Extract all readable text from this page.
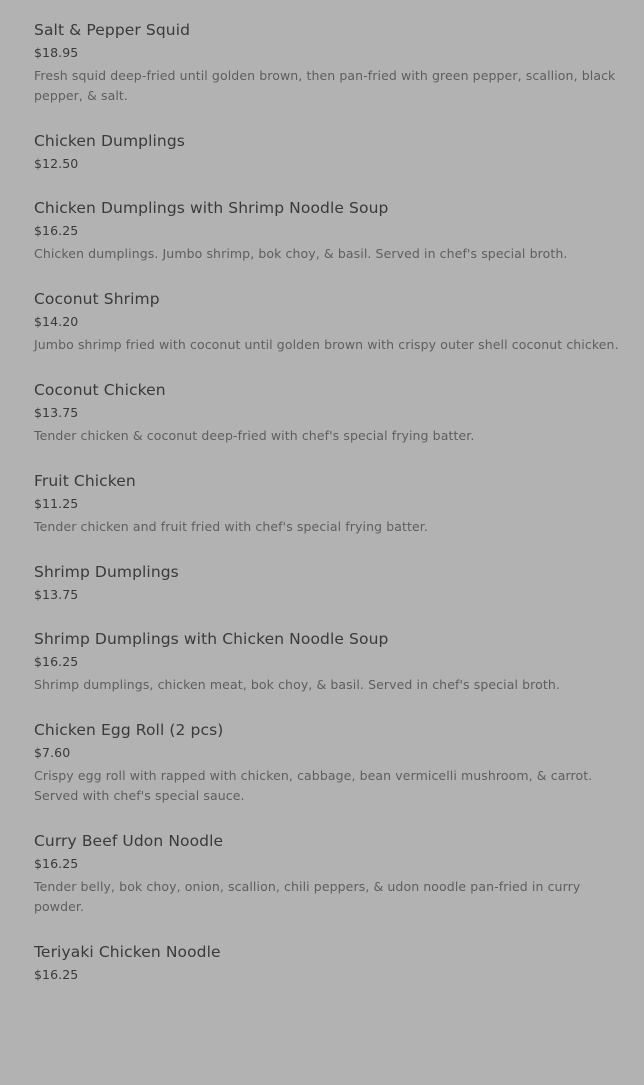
Salt & Pepper Squid
$18.95
Fresh squid deep-fried until golden brown, then pan-fried with green pepper, scallion, black pepper, & salt.
Chicken Dumplings
$12.50
Chicken Dumplings with Shrimp Noodle Soup
$16.25
Chicken dumplings. Jumbo shrimp, bok choy, & basil. Served in chef's special broth.
Coconut Shrimp
$14.20
Jumbo shrimp fried with coconut until golden brown with crispy outer shell coconut chicken.
Coconut Chicken
$13.75
Tender chicken & coconut deep-fried with chef's special frying batter.
Fruit Chicken
$11.25
Tender chicken and fruit fried with chef's special frying batter.
Shrimp Dumplings
$13.75
Shrimp Dumplings with Chicken Noodle Soup
$16.25
Shrimp dumplings, chicken meat, bok choy, & basil. Served in chef's special broth.
Chicken Egg Roll (2 pcs)
$7.60
Crispy egg roll with rapped with chicken, cabbage, bean vermicelli mushroom, & carrot. Served with chef's special sauce.
Curry Beef Udon Noodle
$16.25
Tender belly, bok choy, onion, scallion, chili peppers, & udon noodle pan-fried in curry powder.
Teriyaki Chicken Noodle
$16.25
